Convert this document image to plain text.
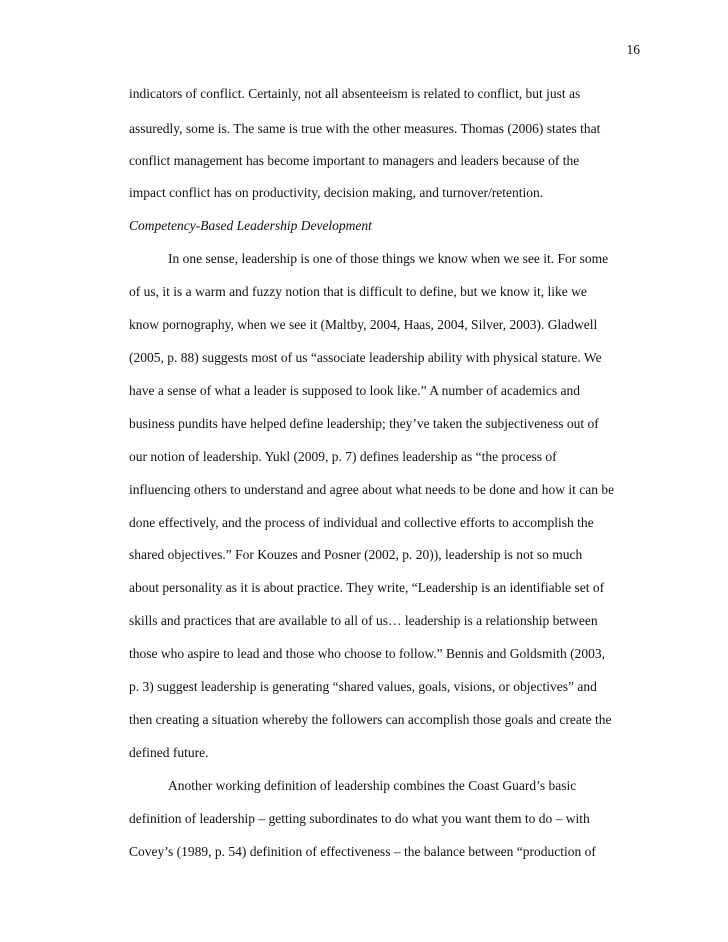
16
indicators of conflict. Certainly, not all absenteeism is related to conflict, but just as
assuredly, some is. The same is true with the other measures. Thomas (2006) states that
conflict management has become important to managers and leaders because of the
impact conflict has on productivity, decision making, and turnover/retention.
Competency-Based Leadership Development
In one sense, leadership is one of those things we know when we see it. For some
of us, it is a warm and fuzzy notion that is difficult to define, but we know it, like we
know pornography, when we see it (Maltby, 2004, Haas, 2004, Silver, 2003). Gladwell
(2005, p. 88) suggests most of us “associate leadership ability with physical stature. We
have a sense of what a leader is supposed to look like.” A number of academics and
business pundits have helped define leadership; they’ve taken the subjectiveness out of
our notion of leadership. Yukl (2009, p. 7) defines leadership as “the process of
influencing others to understand and agree about what needs to be done and how it can be
done effectively, and the process of individual and collective efforts to accomplish the
shared objectives.” For Kouzes and Posner (2002, p. 20)), leadership is not so much
about personality as it is about practice. They write, “Leadership is an identifiable set of
skills and practices that are available to all of us… leadership is a relationship between
those who aspire to lead and those who choose to follow.” Bennis and Goldsmith (2003,
p. 3) suggest leadership is generating “shared values, goals, visions, or objectives” and
then creating a situation whereby the followers can accomplish those goals and create the
defined future.
Another working definition of leadership combines the Coast Guard’s basic
definition of leadership – getting subordinates to do what you want them to do – with
Covey’s (1989, p. 54) definition of effectiveness – the balance between “production of
